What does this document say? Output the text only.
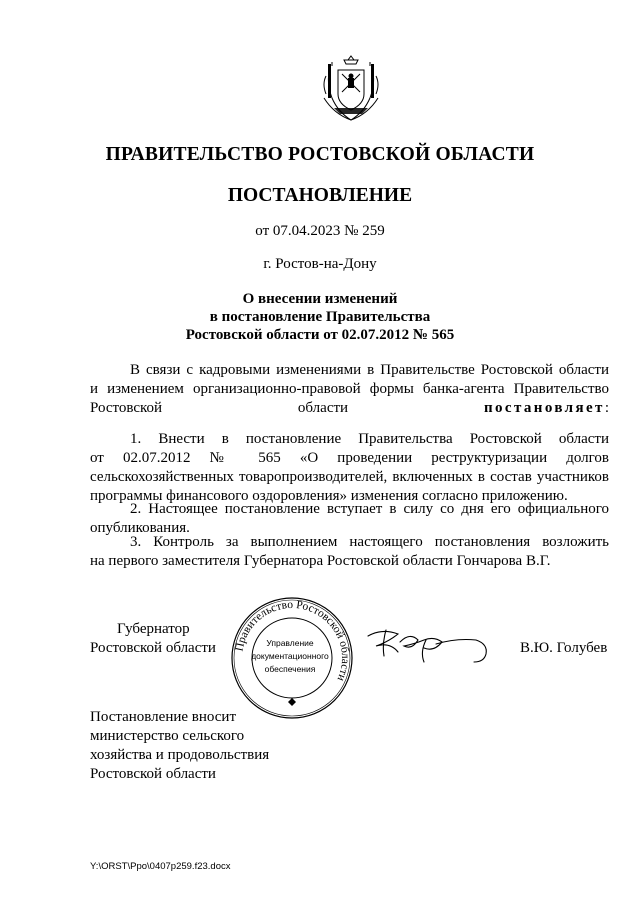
ПРАВИТЕЛЬСТВО РОСТОВСКОЙ ОБЛАСТИ
ПОСТАНОВЛЕНИЕ
от 07.04.2023 № 259
г. Ростов-на-Дону
О внесении изменений
в постановление Правительства
Ростовской области от 02.07.2012 № 565
В связи с кадровыми изменениями в Правительстве Ростовской области
и изменением организационно-правовой формы банка-агента Правительство
Ростовской области	постановляет:
1. Внести в постановление Правительства Ростовской области
от 02.07.2012 № 565 «О проведении реструктуризации долгов
сельскохозяйственных товаропроизводителей, включенных в состав участников
программы финансового оздоровления» изменения согласно приложению.
2. Настоящее постановление вступает в силу со дня его официального
опубликования.
3. Контроль за выполнением настоящего постановления возложить
на первого заместителя Губернатора Ростовской области Гончарова В.Г.
Губернатор
Ростовской области Правительство Ростовской области
Управление
документационного
обеспечения
В.Ю. Голубев
Постановление вносит
министерство сельского
хозяйства и продовольствия
Ростовской области
Y:\ORST\Ppo\0407p259.f23.docx
